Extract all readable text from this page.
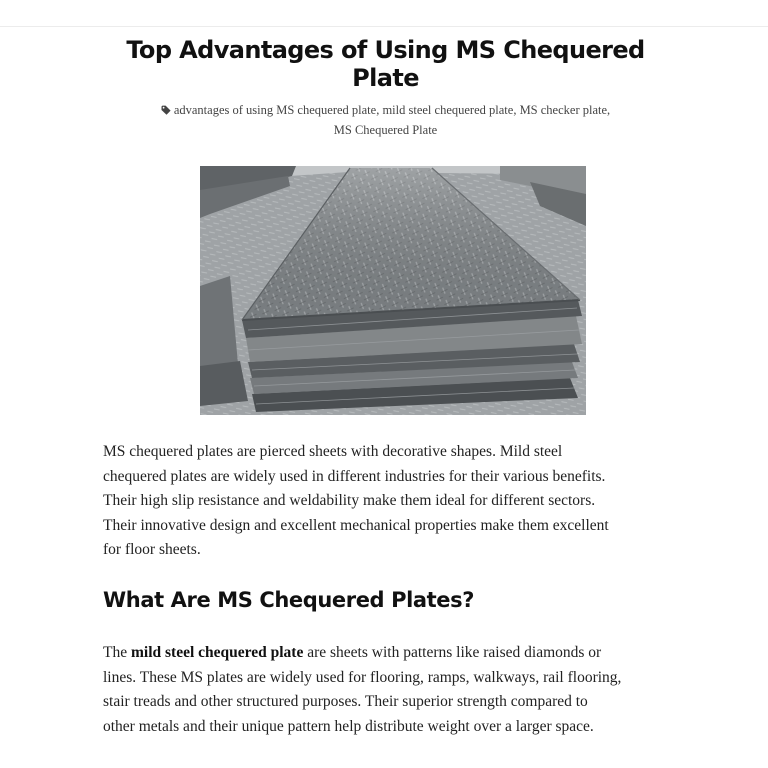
Top Advantages of Using MS Chequered Plate
advantages of using MS chequered plate, mild steel chequered plate, MS checker plate,
MS Chequered Plate

MS chequered plates are pierced sheets with decorative shapes. Mild steel
chequered plates are widely used in different industries for their various benefits.
Their high slip resistance and weldability make them ideal for different sectors.
Their innovative design and excellent mechanical properties make them excellent
for floor sheets.

What Are MS Chequered Plates?

The mild steel chequered plate are sheets with patterns like raised diamonds or
lines. These MS plates are widely used for flooring, ramps, walkways, rail flooring,
stair treads and other structured purposes. Their superior strength compared to
other metals and their unique pattern help distribute weight over a larger space.
